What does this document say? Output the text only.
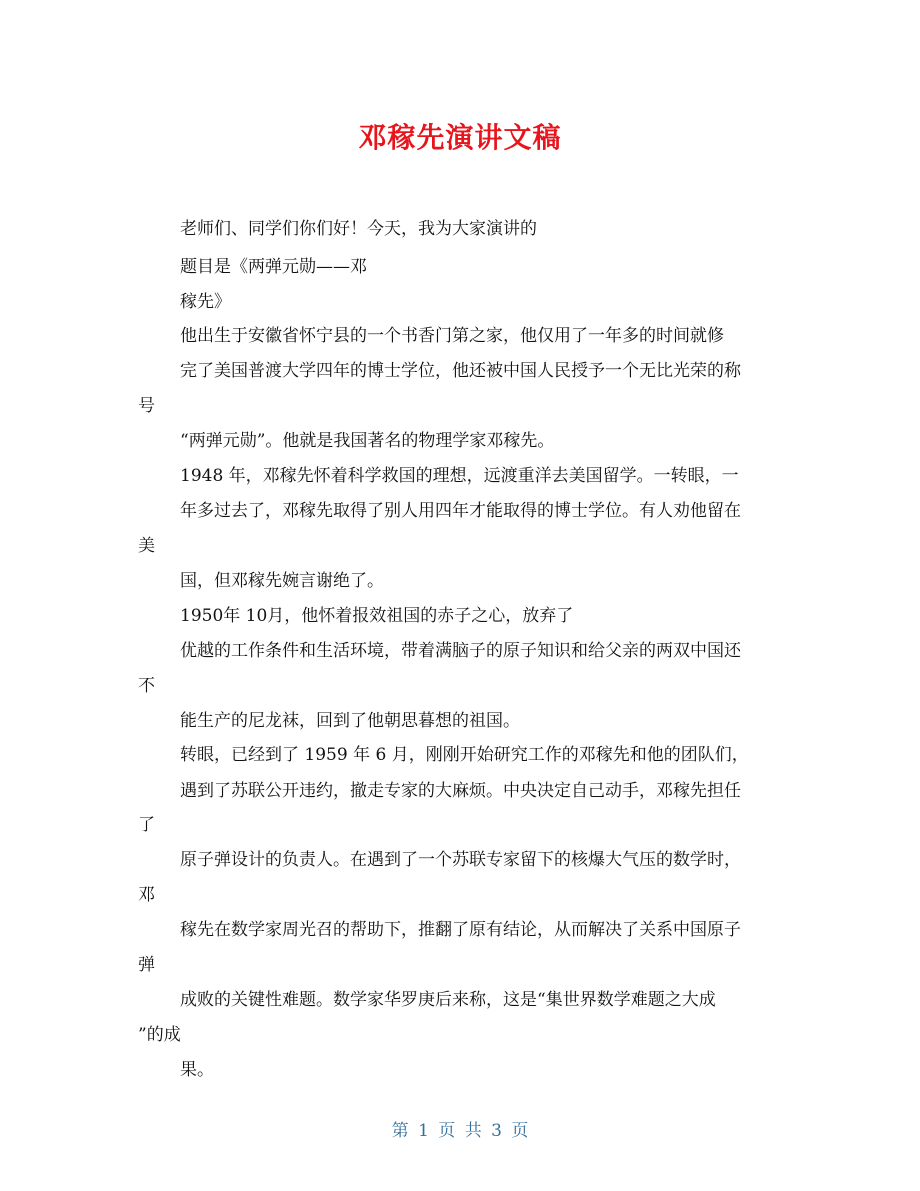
邓稼先演讲文稿
老师们、同学们你们好！今天，我为大家演讲的
题目是《两弹元勋——邓
稼先》
他出生于安徽省怀宁县的一个书香门第之家，他仅用了一年多的时间就修
完了美国普渡大学四年的博士学位，他还被中国人民授予一个无比光荣的称
号
“两弹元勋”。他就是我国著名的物理学家邓稼先。
1948 年，邓稼先怀着科学救国的理想，远渡重洋去美国留学。一转眼，一
年多过去了，邓稼先取得了别人用四年才能取得的博士学位。有人劝他留在
美
国，但邓稼先婉言谢绝了。
1950年 10月，他怀着报效祖国的赤子之心，放弃了
优越的工作条件和生活环境，带着满脑子的原子知识和给父亲的两双中国还
不
能生产的尼龙袜，回到了他朝思暮想的祖国。
转眼，已经到了 1959 年 6 月，刚刚开始研究工作的邓稼先和他的团队们，
遇到了苏联公开违约，撤走专家的大麻烦。中央决定自己动手，邓稼先担任
了
原子弹设计的负责人。在遇到了一个苏联专家留下的核爆大气压的数学时，
邓
稼先在数学家周光召的帮助下，推翻了原有结论，从而解决了关系中国原子
弹
成败的关键性难题。数学家华罗庚后来称，这是“集世界数学难题之大成
”的成
果。
第 1 页 共 3 页
